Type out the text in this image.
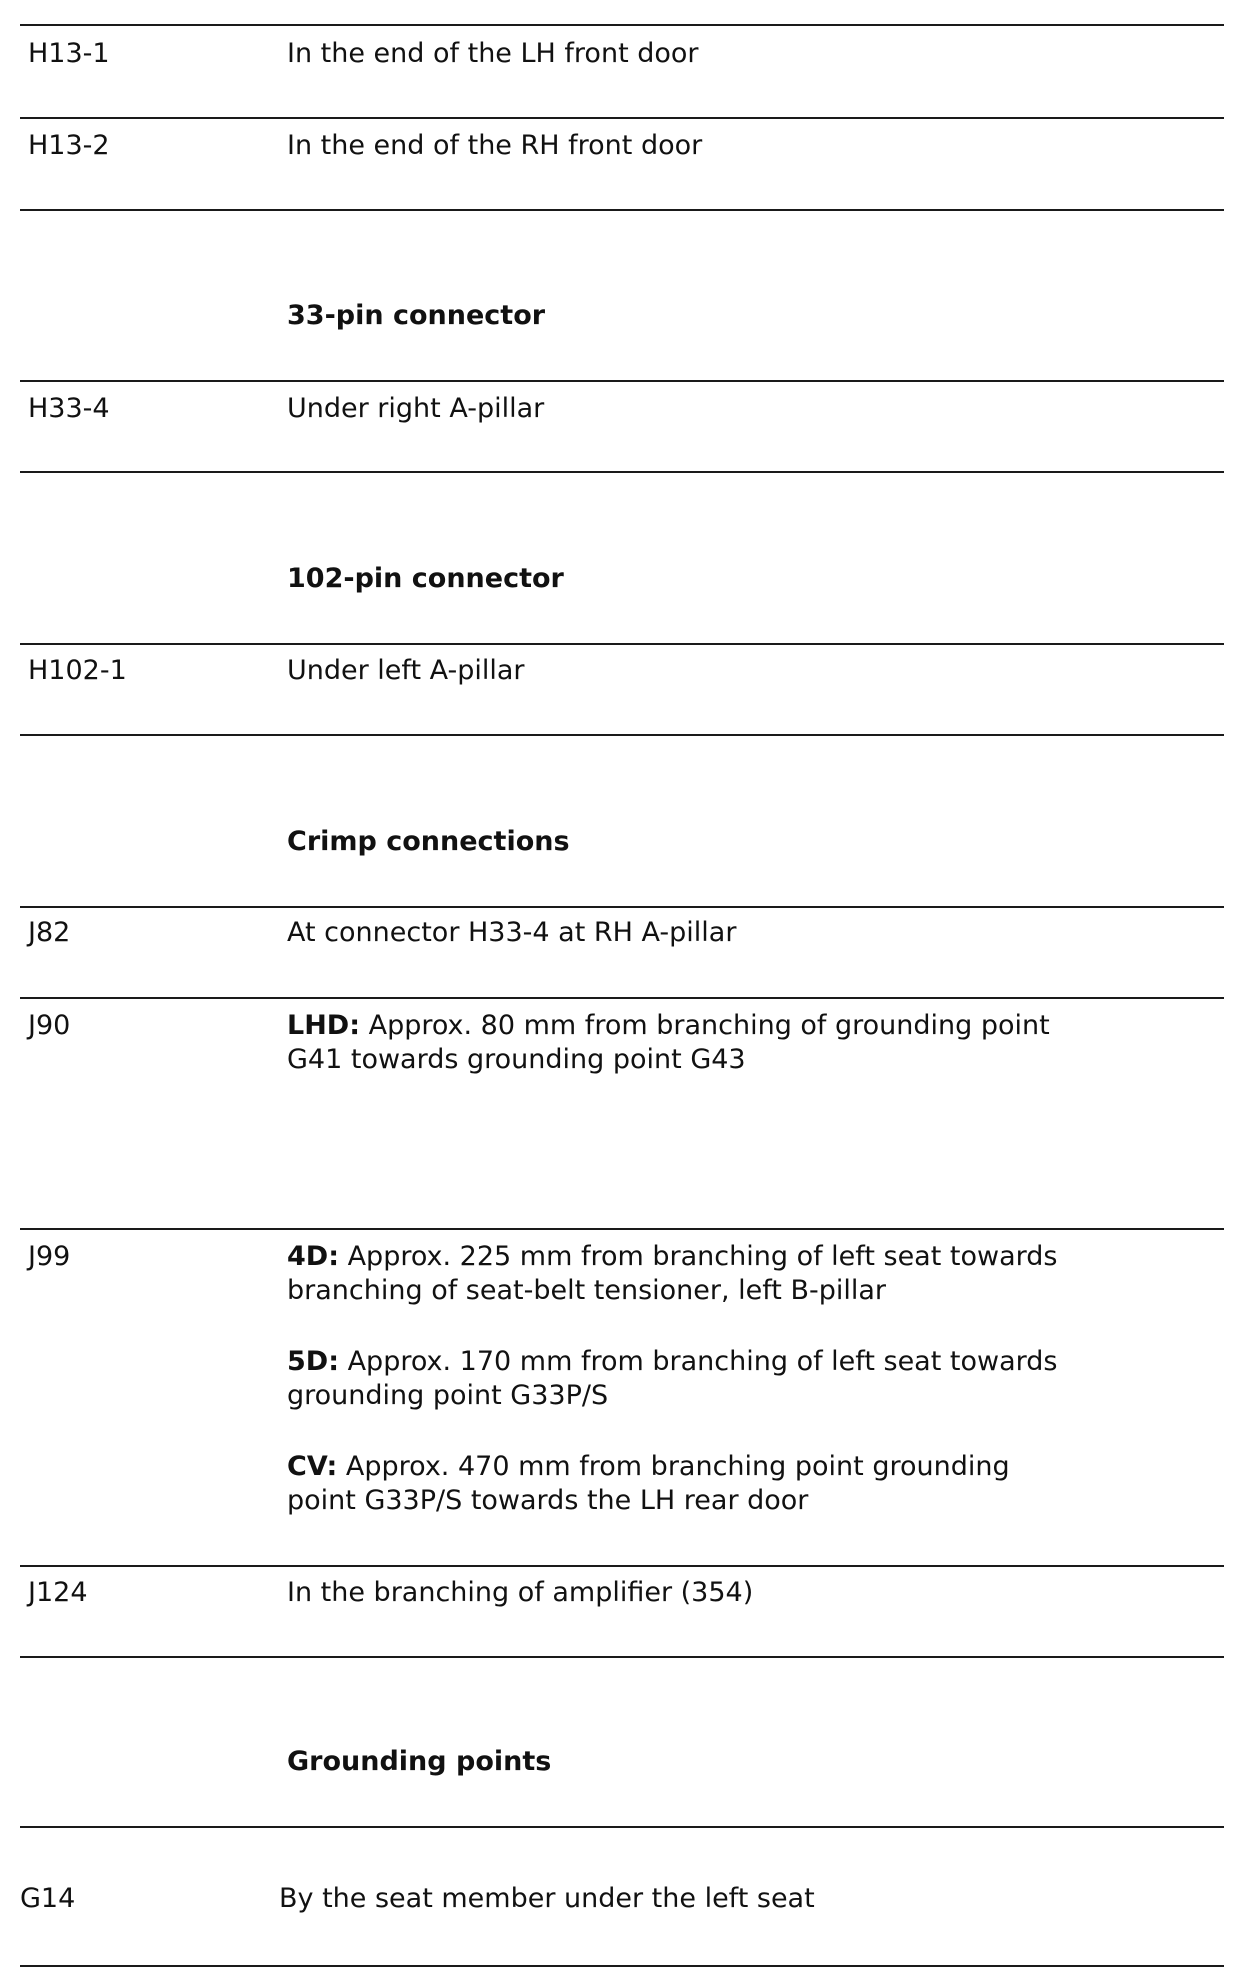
H13-1	In the end of the LH front door
H13-2	In the end of the RH front door
33-pin connector
H33-4	Under right A-pillar
102-pin connector
H102-1	Under left A-pillar
Crimp connections
J82	At connector H33-4 at RH A-pillar
J90	LHD: Approx. 80 mm from branching of grounding point
G41 towards grounding point G43
J99	4D: Approx. 225 mm from branching of left seat towards
branching of seat-belt tensioner, left B-pillar
5D: Approx. 170 mm from branching of left seat towards
grounding point G33P/S
CV: Approx. 470 mm from branching point grounding
point G33P/S towards the LH rear door
J124	In the branching of amplifier (354)
Grounding points
G14	By the seat member under the left seat
